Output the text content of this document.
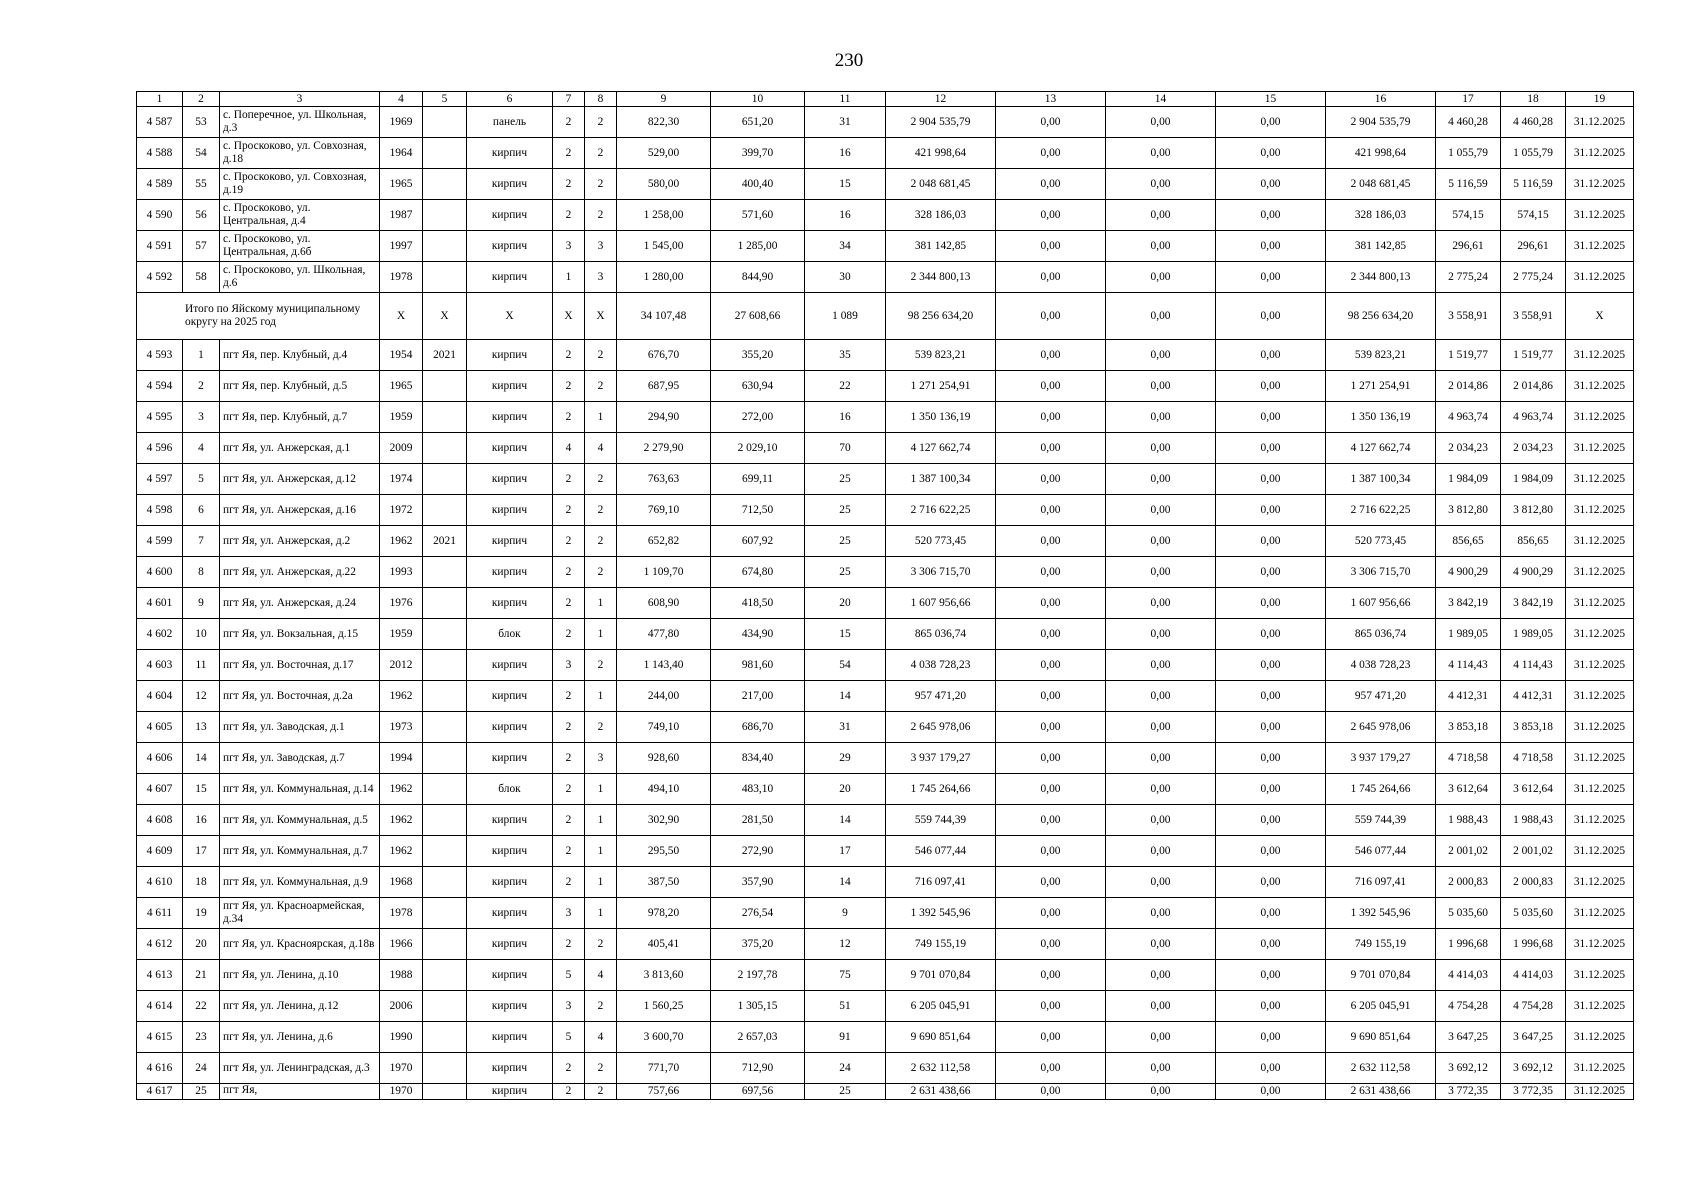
230
1	2	3	4	5	6	7	8	9	10	11	12	13	14	15	16	17	18	19
4 587	53	с. Поперечное, ул. Школьная, д.3	1969		панель	2	2	822,30	651,20	31	2 904 535,79	0,00	0,00	0,00	2 904 535,79	4 460,28	4 460,28	31.12.2025
4 588	54	с. Проскоково, ул. Совхозная, д.18	1964		кирпич	2	2	529,00	399,70	16	421 998,64	0,00	0,00	0,00	421 998,64	1 055,79	1 055,79	31.12.2025
4 589	55	с. Проскоково, ул. Совхозная, д.19	1965		кирпич	2	2	580,00	400,40	15	2 048 681,45	0,00	0,00	0,00	2 048 681,45	5 116,59	5 116,59	31.12.2025
4 590	56	с. Проскоково, ул. Центральная, д.4	1987		кирпич	2	2	1 258,00	571,60	16	328 186,03	0,00	0,00	0,00	328 186,03	574,15	574,15	31.12.2025
4 591	57	с. Проскоково, ул. Центральная, д.6б	1997		кирпич	3	3	1 545,00	1 285,00	34	381 142,85	0,00	0,00	0,00	381 142,85	296,61	296,61	31.12.2025
4 592	58	с. Проскоково, ул. Школьная, д.6	1978		кирпич	1	3	1 280,00	844,90	30	2 344 800,13	0,00	0,00	0,00	2 344 800,13	2 775,24	2 775,24	31.12.2025
Итого по Яйскому муниципальному округу на 2025 год			X	X	X	X	X	34 107,48	27 608,66	1 089	98 256 634,20	0,00	0,00	0,00	98 256 634,20	3 558,91	3 558,91	X
4 593	1	пгт Яя, пер. Клубный, д.4	1954	2021	кирпич	2	2	676,70	355,20	35	539 823,21	0,00	0,00	0,00	539 823,21	1 519,77	1 519,77	31.12.2025
4 594	2	пгт Яя, пер. Клубный, д.5	1965		кирпич	2	2	687,95	630,94	22	1 271 254,91	0,00	0,00	0,00	1 271 254,91	2 014,86	2 014,86	31.12.2025
4 595	3	пгт Яя, пер. Клубный, д.7	1959		кирпич	2	1	294,90	272,00	16	1 350 136,19	0,00	0,00	0,00	1 350 136,19	4 963,74	4 963,74	31.12.2025
4 596	4	пгт Яя, ул. Анжерская, д.1	2009		кирпич	4	4	2 279,90	2 029,10	70	4 127 662,74	0,00	0,00	0,00	4 127 662,74	2 034,23	2 034,23	31.12.2025
4 597	5	пгт Яя, ул. Анжерская, д.12	1974		кирпич	2	2	763,63	699,11	25	1 387 100,34	0,00	0,00	0,00	1 387 100,34	1 984,09	1 984,09	31.12.2025
4 598	6	пгт Яя, ул. Анжерская, д.16	1972		кирпич	2	2	769,10	712,50	25	2 716 622,25	0,00	0,00	0,00	2 716 622,25	3 812,80	3 812,80	31.12.2025
4 599	7	пгт Яя, ул. Анжерская, д.2	1962	2021	кирпич	2	2	652,82	607,92	25	520 773,45	0,00	0,00	0,00	520 773,45	856,65	856,65	31.12.2025
4 600	8	пгт Яя, ул. Анжерская, д.22	1993		кирпич	2	2	1 109,70	674,80	25	3 306 715,70	0,00	0,00	0,00	3 306 715,70	4 900,29	4 900,29	31.12.2025
4 601	9	пгт Яя, ул. Анжерская, д.24	1976		кирпич	2	1	608,90	418,50	20	1 607 956,66	0,00	0,00	0,00	1 607 956,66	3 842,19	3 842,19	31.12.2025
4 602	10	пгт Яя, ул. Вокзальная, д.15	1959		блок	2	1	477,80	434,90	15	865 036,74	0,00	0,00	0,00	865 036,74	1 989,05	1 989,05	31.12.2025
4 603	11	пгт Яя, ул. Восточная, д.17	2012		кирпич	3	2	1 143,40	981,60	54	4 038 728,23	0,00	0,00	0,00	4 038 728,23	4 114,43	4 114,43	31.12.2025
4 604	12	пгт Яя, ул. Восточная, д.2а	1962		кирпич	2	1	244,00	217,00	14	957 471,20	0,00	0,00	0,00	957 471,20	4 412,31	4 412,31	31.12.2025
4 605	13	пгт Яя, ул. Заводская, д.1	1973		кирпич	2	2	749,10	686,70	31	2 645 978,06	0,00	0,00	0,00	2 645 978,06	3 853,18	3 853,18	31.12.2025
4 606	14	пгт Яя, ул. Заводская, д.7	1994		кирпич	2	3	928,60	834,40	29	3 937 179,27	0,00	0,00	0,00	3 937 179,27	4 718,58	4 718,58	31.12.2025
4 607	15	пгт Яя, ул. Коммунальная, д.14	1962		блок	2	1	494,10	483,10	20	1 745 264,66	0,00	0,00	0,00	1 745 264,66	3 612,64	3 612,64	31.12.2025
4 608	16	пгт Яя, ул. Коммунальная, д.5	1962		кирпич	2	1	302,90	281,50	14	559 744,39	0,00	0,00	0,00	559 744,39	1 988,43	1 988,43	31.12.2025
4 609	17	пгт Яя, ул. Коммунальная, д.7	1962		кирпич	2	1	295,50	272,90	17	546 077,44	0,00	0,00	0,00	546 077,44	2 001,02	2 001,02	31.12.2025
4 610	18	пгт Яя, ул. Коммунальная, д.9	1968		кирпич	2	1	387,50	357,90	14	716 097,41	0,00	0,00	0,00	716 097,41	2 000,83	2 000,83	31.12.2025
4 611	19	пгт Яя, ул. Красноармейская, д.34	1978		кирпич	3	1	978,20	276,54	9	1 392 545,96	0,00	0,00	0,00	1 392 545,96	5 035,60	5 035,60	31.12.2025
4 612	20	пгт Яя, ул. Красноярская, д.18в	1966		кирпич	2	2	405,41	375,20	12	749 155,19	0,00	0,00	0,00	749 155,19	1 996,68	1 996,68	31.12.2025
4 613	21	пгт Яя, ул. Ленина, д.10	1988		кирпич	5	4	3 813,60	2 197,78	75	9 701 070,84	0,00	0,00	0,00	9 701 070,84	4 414,03	4 414,03	31.12.2025
4 614	22	пгт Яя, ул. Ленина, д.12	2006		кирпич	3	2	1 560,25	1 305,15	51	6 205 045,91	0,00	0,00	0,00	6 205 045,91	4 754,28	4 754,28	31.12.2025
4 615	23	пгт Яя, ул. Ленина, д.6	1990		кирпич	5	4	3 600,70	2 657,03	91	9 690 851,64	0,00	0,00	0,00	9 690 851,64	3 647,25	3 647,25	31.12.2025
4 616	24	пгт Яя, ул. Ленинградская, д.3	1970		кирпич	2	2	771,70	712,90	24	2 632 112,58	0,00	0,00	0,00	2 632 112,58	3 692,12	3 692,12	31.12.2025
4 617	25	пгт Яя,	1970		кирпич	2	2	757,66	697,56	25	2 631 438,66	0,00	0,00	0,00	2 631 438,66	3 772,35	3 772,35	31.12.2025
